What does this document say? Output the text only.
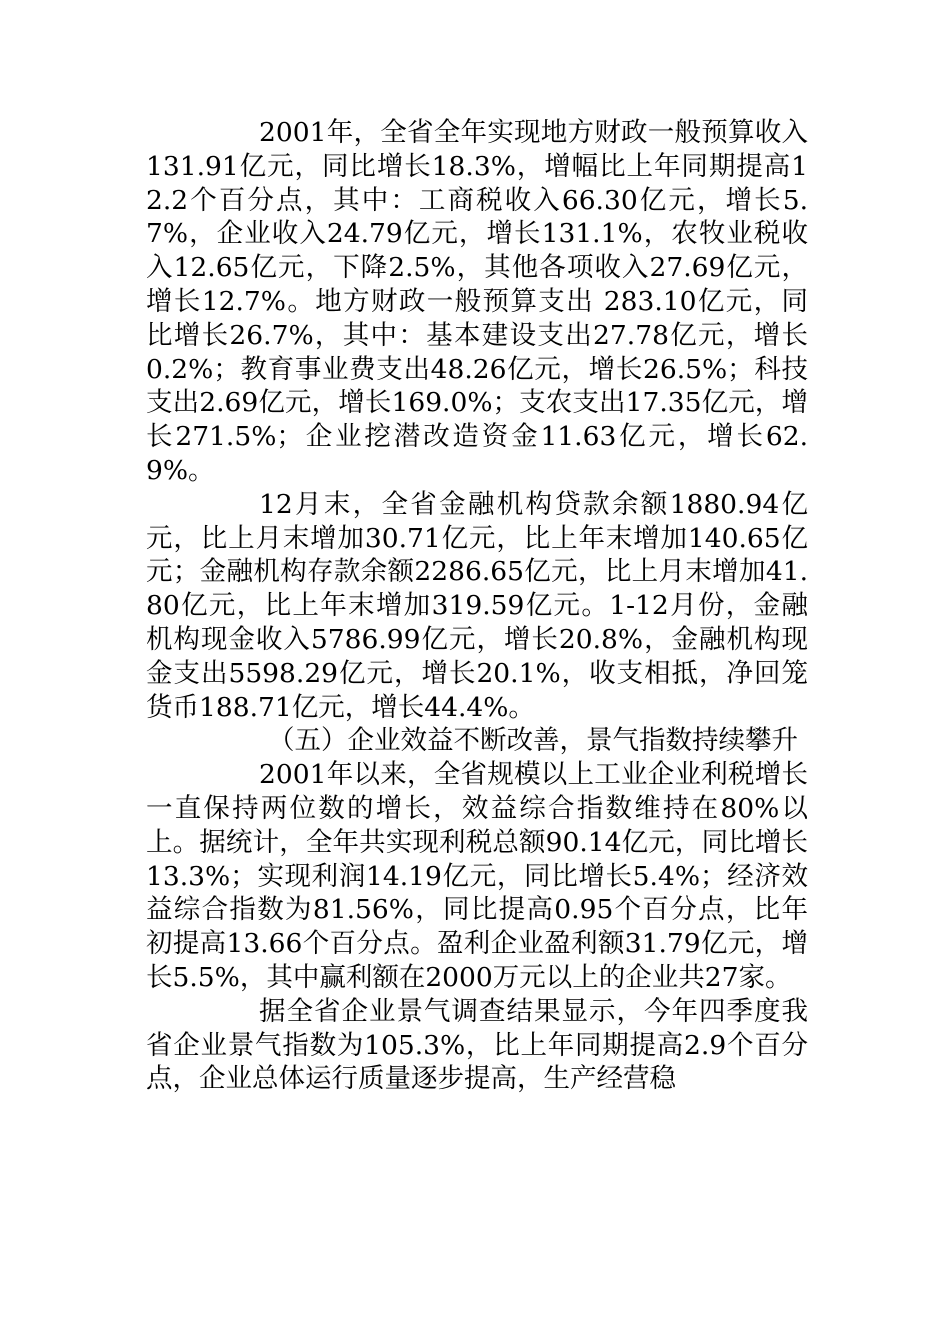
2001年，全省全年实现地方财政一般预算收入131.91亿元，同比增长18.3%，增幅比上年同期提高12.2个百分点，其中：工商税收入66.30亿元，增长5.7%，企业收入24.79亿元，增长131.1%，农牧业税收入12.65亿元，下降2.5%，其他各项收入27.69亿元，增长12.7%。地方财政一般预算支出 283.10亿元，同比增长26.7%，其中：基本建设支出27.78亿元，增长0.2%；教育事业费支出48.26亿元，增长26.5%；科技支出2.69亿元，增长169.0%；支农支出17.35亿元，增长271.5%；企业挖潜改造资金11.63亿元，增长62.9%。

12月末，全省金融机构贷款余额1880.94亿元，比上月末增加30.71亿元，比上年末增加140.65亿元；金融机构存款余额2286.65亿元，比上月末增加41.80亿元，比上年末增加319.59亿元。1-12月份，金融机构现金收入5786.99亿元，增长20.8%，金融机构现金支出5598.29亿元，增长20.1%，收支相抵，净回笼货币188.71亿元，增长44.4%。

（五）企业效益不断改善，景气指数持续攀升

2001年以来，全省规模以上工业企业利税增长一直保持两位数的增长，效益综合指数维持在80%以上。据统计，全年共实现利税总额90.14亿元，同比增长13.3%；实现利润14.19亿元，同比增长5.4%；经济效益综合指数为81.56%，同比提高0.95个百分点，比年初提高13.66个百分点。盈利企业盈利额31.79亿元，增长5.5%，其中赢利额在2000万元以上的企业共27家。

据全省企业景气调查结果显示，今年四季度我省企业景气指数为105.3%，比上年同期提高2.9个百分点，企业总体运行质量逐步提高，生产经营稳
